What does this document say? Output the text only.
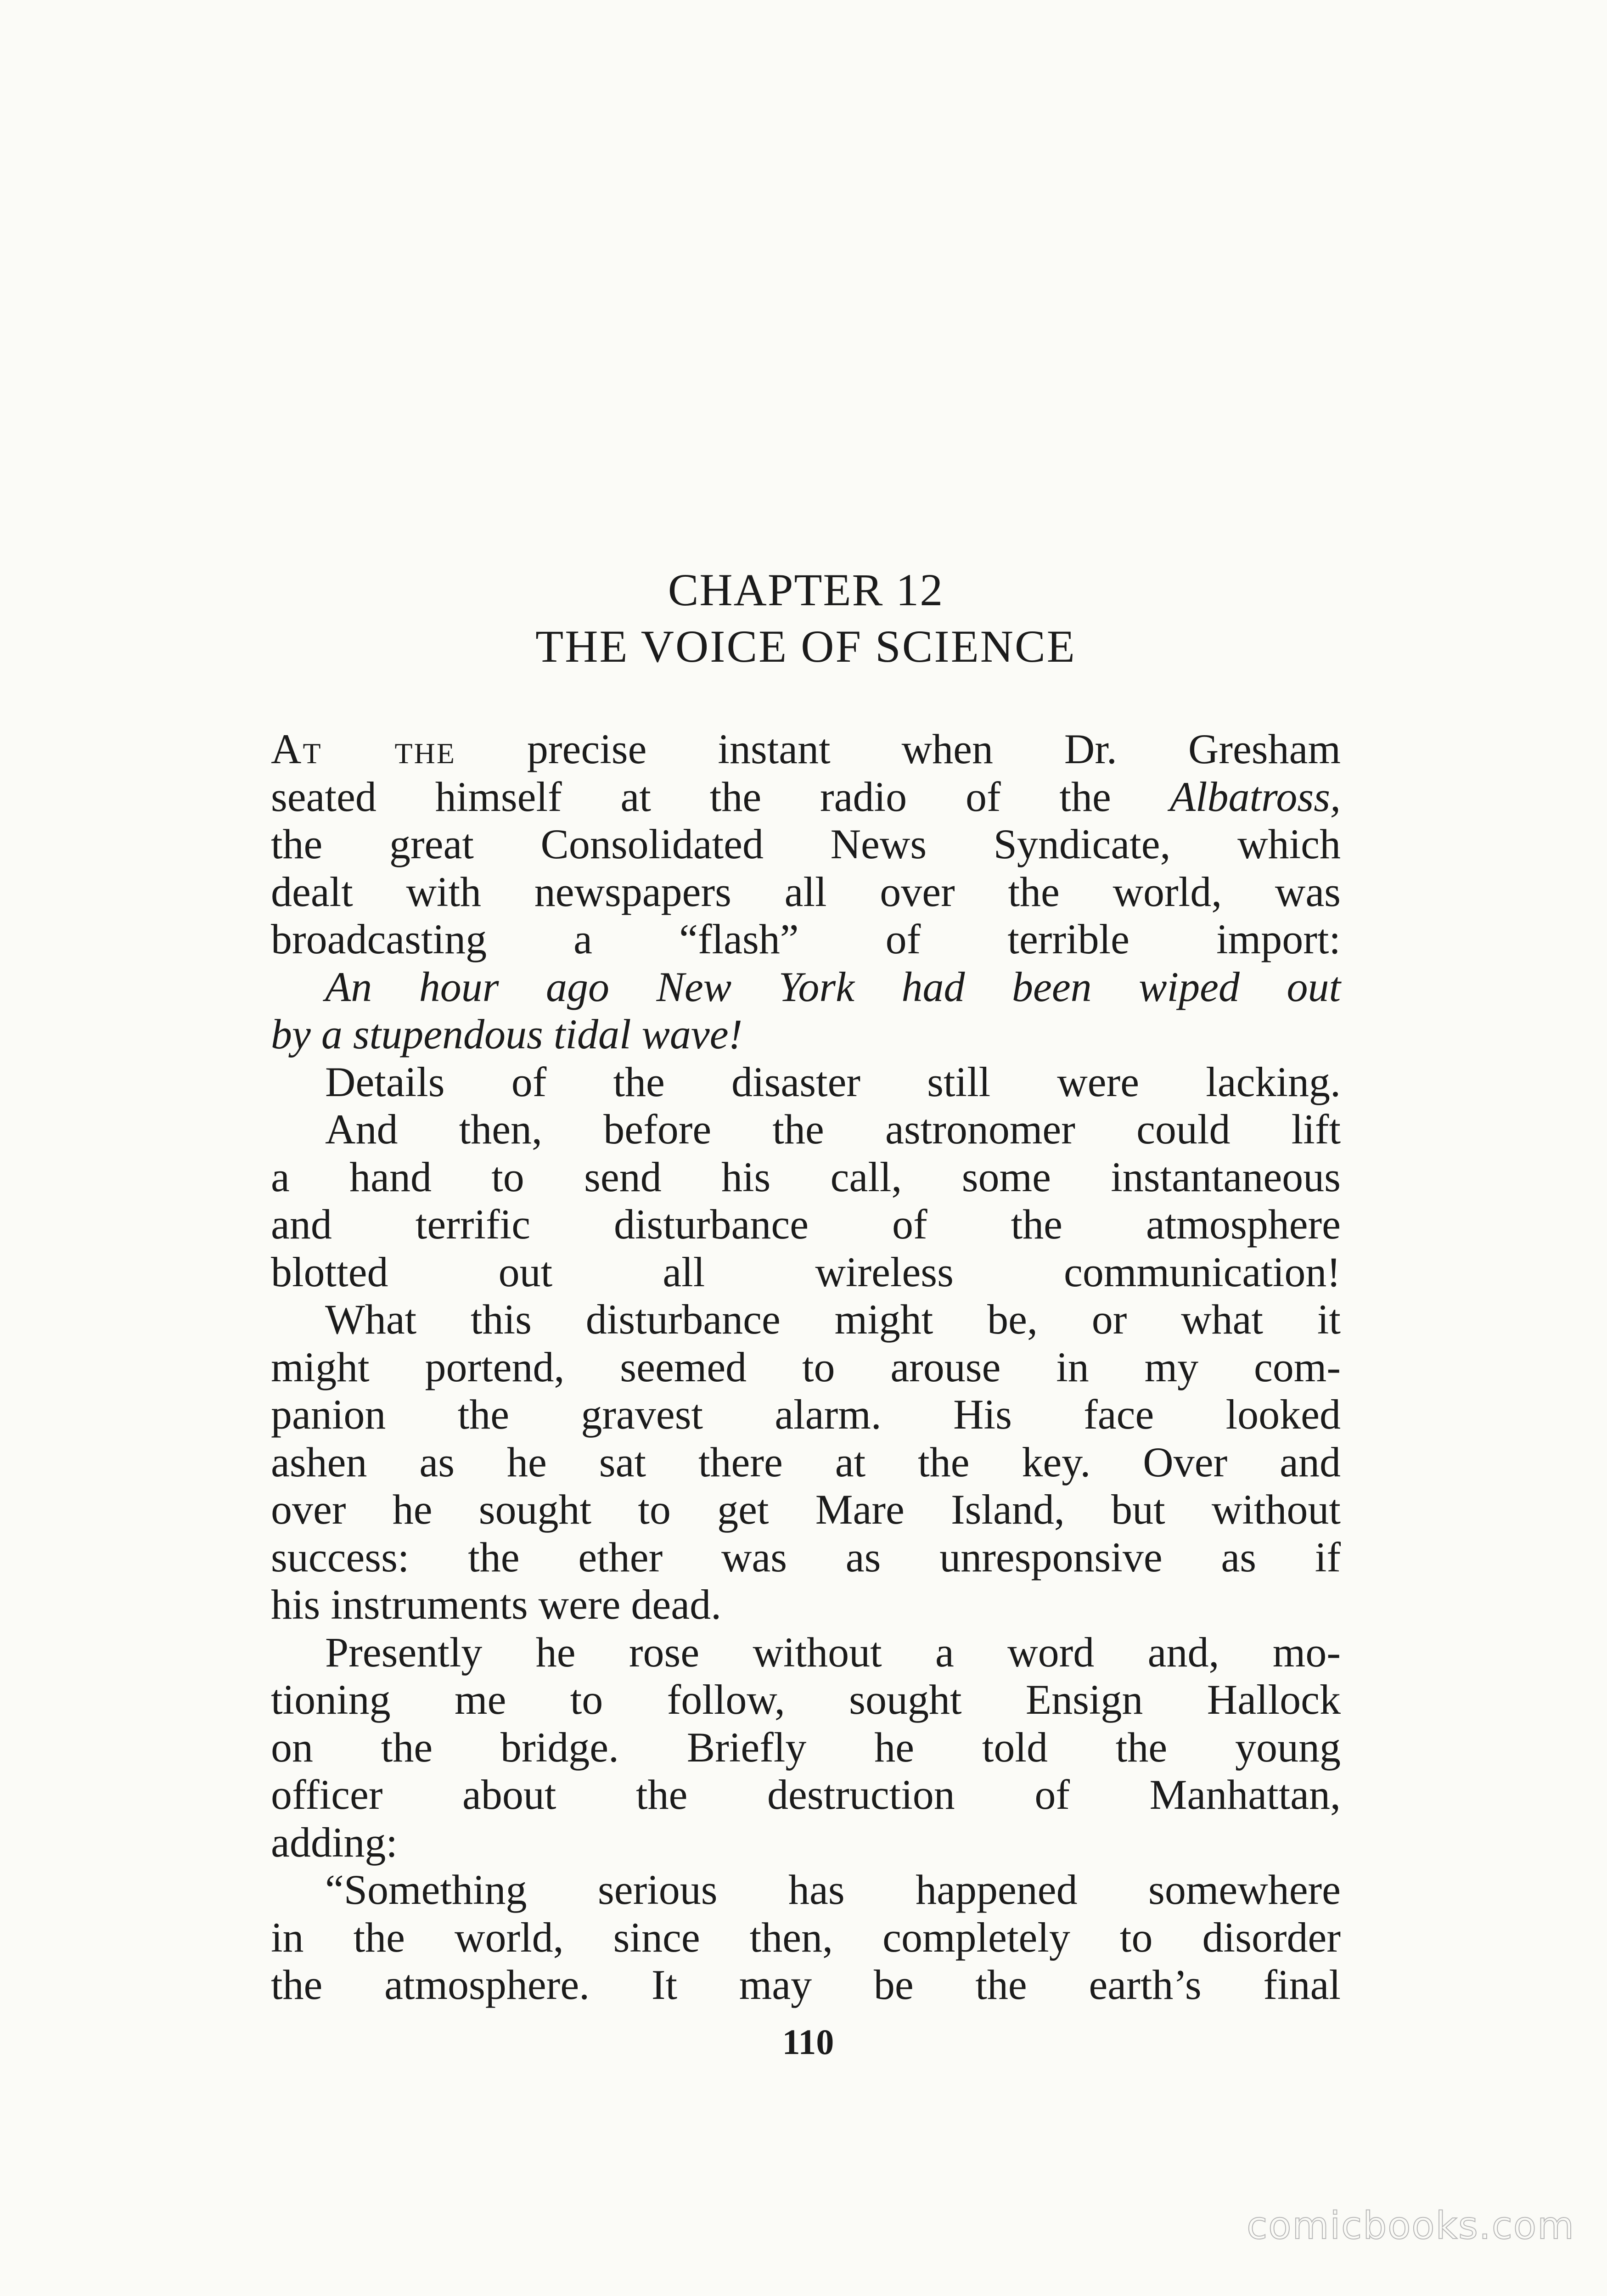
CHAPTER 12
THE VOICE OF SCIENCE
At the precise instant when Dr. Gresham
seated himself at the radio of the Albatross,
the great Consolidated News Syndicate, which
dealt with newspapers all over the world, was
broadcasting a “flash” of terrible import:
An hour ago New York had been wiped out
by a stupendous tidal wave!
Details of the disaster still were lacking.
And then, before the astronomer could lift
a hand to send his call, some instantaneous
and terrific disturbance of the atmosphere
blotted out all wireless communication!
What this disturbance might be, or what it
might portend, seemed to arouse in my com-
panion the gravest alarm. His face looked
ashen as he sat there at the key. Over and
over he sought to get Mare Island, but without
success: the ether was as unresponsive as if
his instruments were dead.
Presently he rose without a word and, mo-
tioning me to follow, sought Ensign Hallock
on the bridge. Briefly he told the young
officer about the destruction of Manhattan,
adding:
“Something serious has happened somewhere
in the world, since then, completely to disorder
the atmosphere. It may be the earth’s final
110
comicbooks.com
